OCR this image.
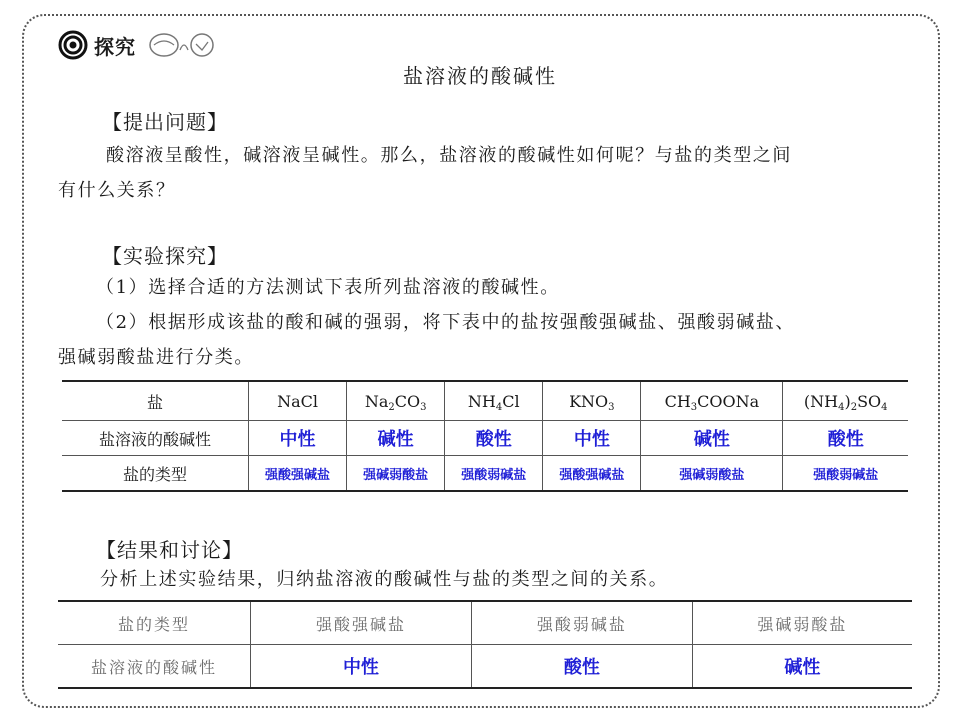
探究
盐溶液的酸碱性
【提出问题】
酸溶液呈酸性，碱溶液呈碱性。那么，盐溶液的酸碱性如何呢？与盐的类型之间
有什么关系？
【实验探究】
（1）选择合适的方法测试下表所列盐溶液的酸碱性。
（2）根据形成该盐的酸和碱的强弱，将下表中的盐按强酸强碱盐、强酸弱碱盐、
强碱弱酸盐进行分类。
盐	NaCl	$Na_2CO_3$	$NH_4Cl$	$KNO_3$	$CH_3COONa$	$(NH_4)_2SO_4$
盐溶液的酸碱性	中性	碱性	酸性	中性	碱性	酸性
盐的类型	强酸强碱盐	强碱弱酸盐	强酸弱碱盐	强酸强碱盐	强碱弱酸盐	强酸弱碱盐
【结果和讨论】
分析上述实验结果，归纳盐溶液的酸碱性与盐的类型之间的关系。
盐的类型	强酸强碱盐	强酸弱碱盐	强碱弱酸盐
盐溶液的酸碱性	中性	酸性	碱性
